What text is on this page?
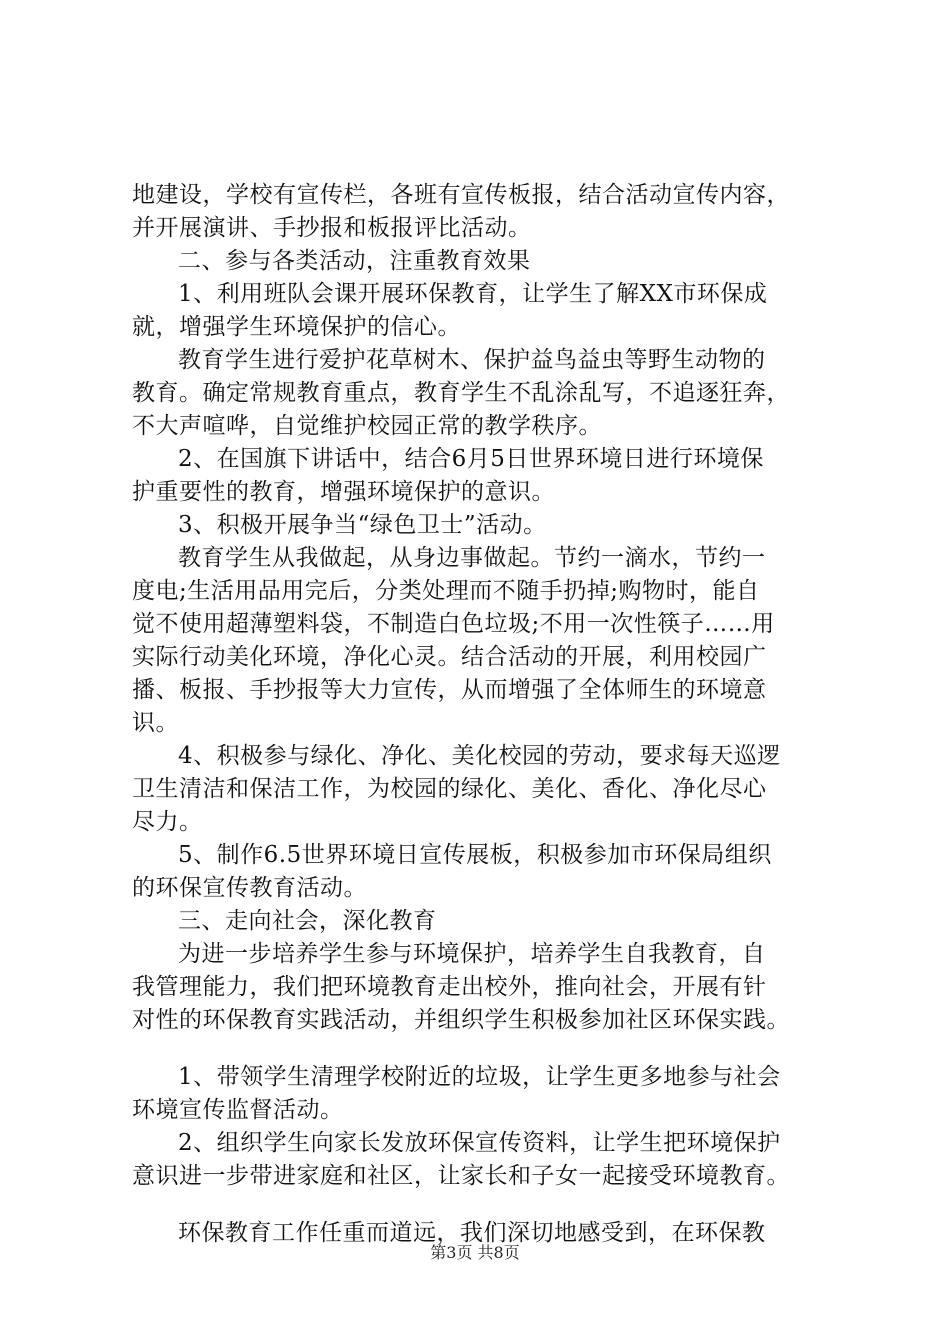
地建设，学校有宣传栏，各班有宣传板报，结合活动宣传内容，
并开展演讲、手抄报和板报评比活动。
二、参与各类活动，注重教育效果
1、利用班队会课开展环保教育，让学生了解XX市环保成
就，增强学生环境保护的信心。
教育学生进行爱护花草树木、保护益鸟益虫等野生动物的
教育。确定常规教育重点，教育学生不乱涂乱写，不追逐狂奔，
不大声喧哗，自觉维护校园正常的教学秩序。
2、在国旗下讲话中，结合6月5日世界环境日进行环境保
护重要性的教育，增强环境保护的意识。
3、积极开展争当“绿色卫士”活动。
教育学生从我做起，从身边事做起。节约一滴水，节约一
度电;生活用品用完后，分类处理而不随手扔掉;购物时，能自
觉不使用超薄塑料袋，不制造白色垃圾;不用一次性筷子……用
实际行动美化环境，净化心灵。结合活动的开展，利用校园广
播、板报、手抄报等大力宣传，从而增强了全体师生的环境意
识。
4、积极参与绿化、净化、美化校园的劳动，要求每天巡逻
卫生清洁和保洁工作，为校园的绿化、美化、香化、净化尽心
尽力。
5、制作6.5世界环境日宣传展板，积极参加市环保局组织
的环保宣传教育活动。
三、走向社会，深化教育
为进一步培养学生参与环境保护，培养学生自我教育，自
我管理能力，我们把环境教育走出校外，推向社会，开展有针
对性的环保教育实践活动，并组织学生积极参加社区环保实践。
1、带领学生清理学校附近的垃圾，让学生更多地参与社会
环境宣传监督活动。
2、组织学生向家长发放环保宣传资料，让学生把环境保护
意识进一步带进家庭和社区，让家长和子女一起接受环境教育。
环保教育工作任重而道远，我们深切地感受到，在环保教
第3页 共8页
